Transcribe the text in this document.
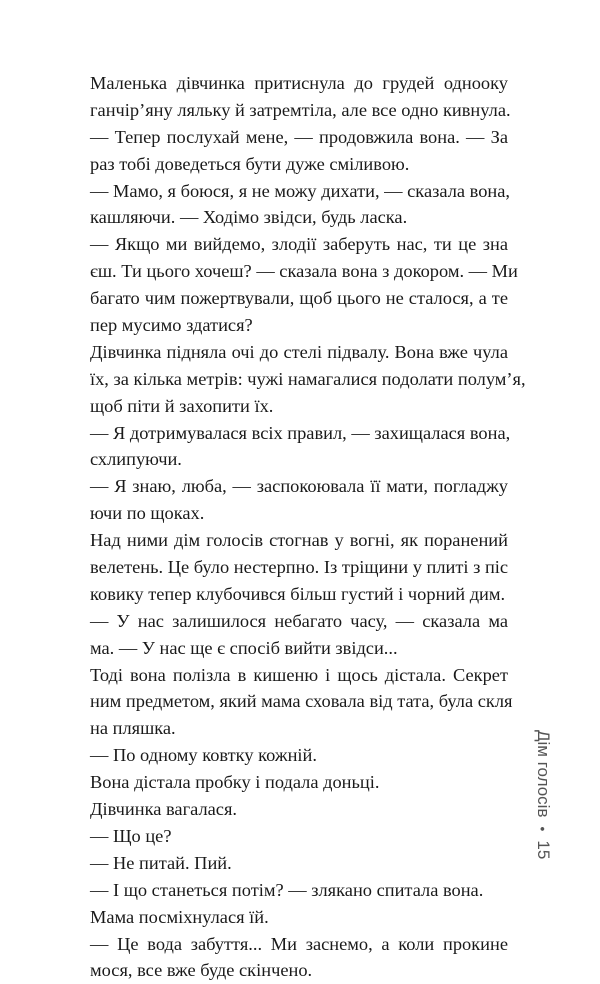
Маленька дівчинка притиснула до грудей однооку
ганчір’яну ляльку й затремтіла, але все одно кивнула.
— Тепер послухай мене, — продовжила вона. — За
раз тобі доведеться бути дуже сміливою.
— Мамо, я боюся, я не можу дихати, — сказала вона,
кашляючи. — Ходімо звідси, будь ласка.
— Якщо ми вийдемо, злодії заберуть нас, ти це зна
єш. Ти цього хочеш? — сказала вона з докором. — Ми
багато чим пожертвували, щоб цього не сталося, а те
пер мусимо здатися?
Дівчинка підняла очі до стелі підвалу. Вона вже чула
їх, за кілька метрів: чужі намагалися подолати полум’я,
щоб піти й захопити їх.
— Я дотримувалася всіх правил, — захищалася вона,
схлипуючи.
— Я знаю, люба, — заспокоювала її мати, погладжу
ючи по щоках.
Над ними дім голосів стогнав у вогні, як поранений
велетень. Це було нестерпно. Із тріщини у плиті з піс
ковику тепер клубочився більш густий і чорний дим.
— У нас залишилося небагато часу, — сказала ма
ма. — У нас ще є спосіб вийти звідси...
Тоді вона полізла в кишеню і щось дістала. Секрет
ним предметом, який мама сховала від тата, була скля
на пляшка.
— По одному ковтку кожній.
Вона дістала пробку і подала доньці.
Дівчинка вагалася.
— Що це?
— Не питай. Пий.
— І що станеться потім? — злякано спитала вона.
Мама посміхнулася їй.
— Це вода забуття... Ми заснемо, а коли прокине
мося, все вже буде скінчено.
Дім голосів•15
